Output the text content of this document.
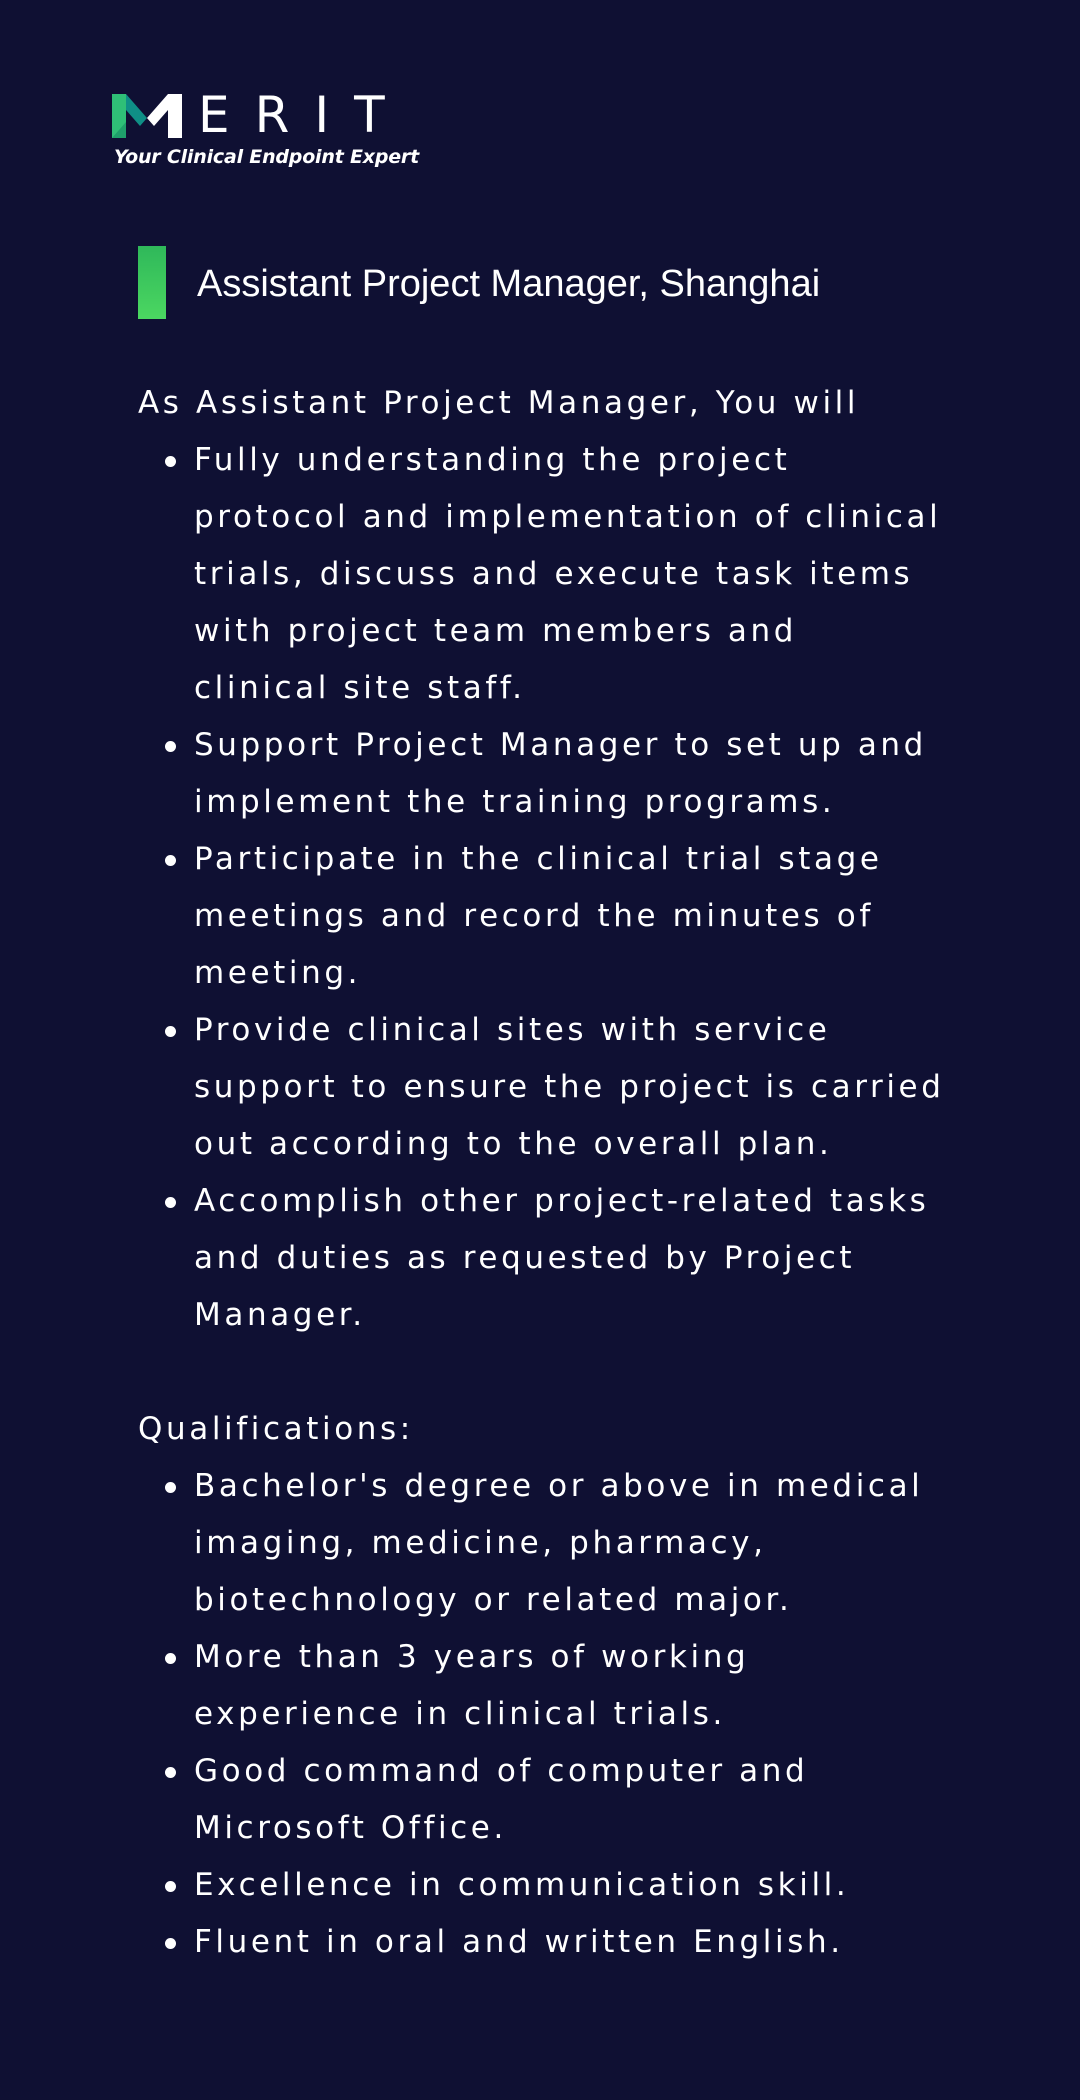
ERIT
Your Clinical Endpoint Expert
Assistant Project Manager, Shanghai
As Assistant Project Manager, You will
Fully understanding the project
protocol and implementation of clinical
trials, discuss and execute task items
with project team members and
clinical site staff.
Support Project Manager to set up and
implement the training programs.
Participate in the clinical trial stage
meetings and record the minutes of
meeting.
Provide clinical sites with service
support to ensure the project is carried
out according to the overall plan.
Accomplish other project-related tasks
and duties as requested by Project
Manager.
Qualifications:
Bachelor's degree or above in medical
imaging, medicine, pharmacy,
biotechnology or related major.
More than 3 years of working
experience in clinical trials.
Good command of computer and
Microsoft Office.
Excellence in communication skill.
Fluent in oral and written English.
